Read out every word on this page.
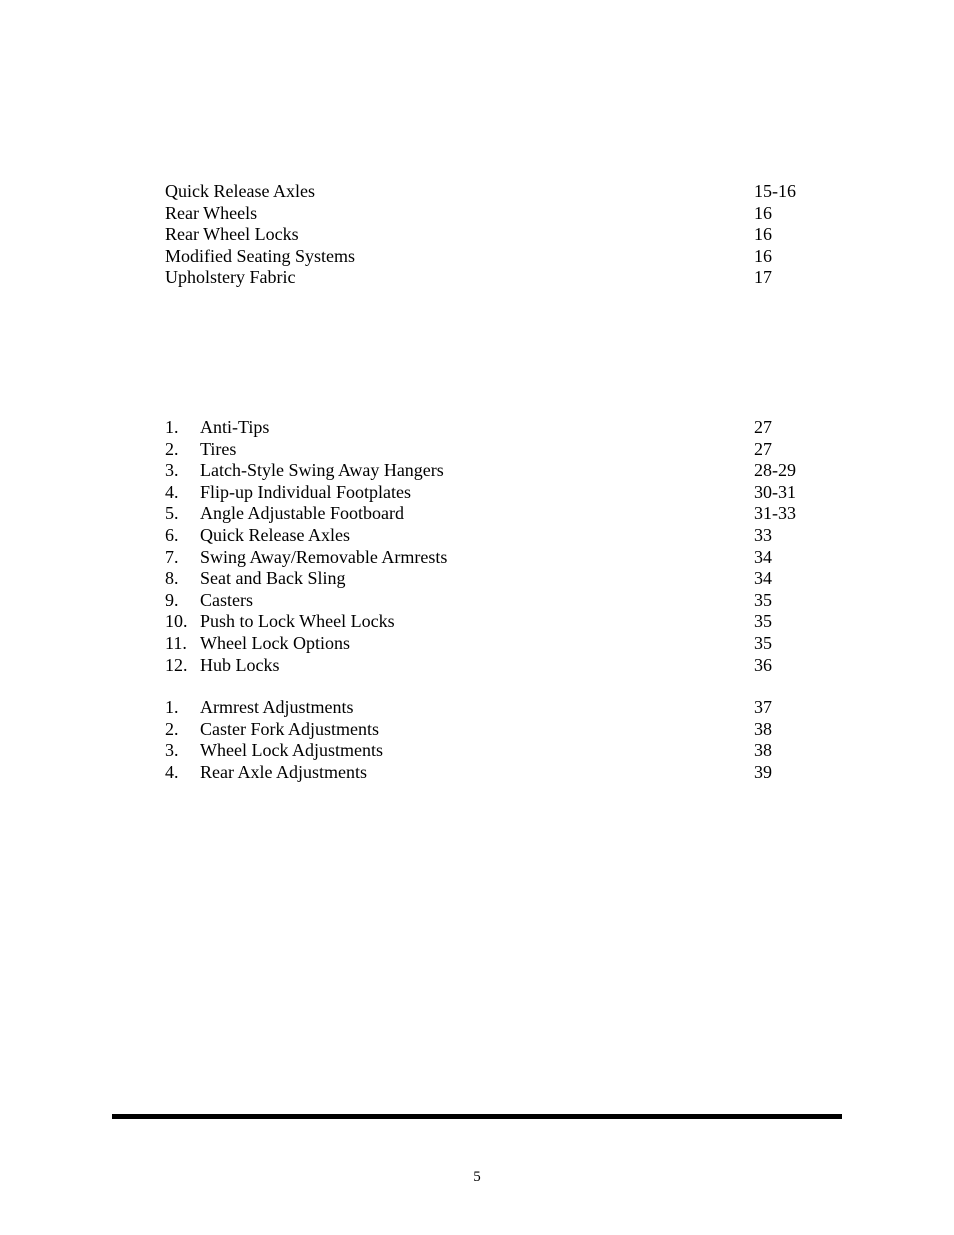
Quick Release Axles	15-16
Rear Wheels	16
Rear Wheel Locks	16
Modified Seating Systems	16
Upholstery Fabric	17
1. Anti-Tips	27
2. Tires	27
3. Latch-Style Swing Away Hangers	28-29
4. Flip-up Individual Footplates	30-31
5. Angle Adjustable Footboard	31-33
6. Quick Release Axles	33
7. Swing Away/Removable Armrests	34
8. Seat and Back Sling	34
9. Casters	35
10. Push to Lock Wheel Locks	35
11. Wheel Lock Options	35
12. Hub Locks	36
1. Armrest Adjustments	37
2. Caster Fork Adjustments	38
3. Wheel Lock Adjustments	38
4. Rear Axle Adjustments	39
5
